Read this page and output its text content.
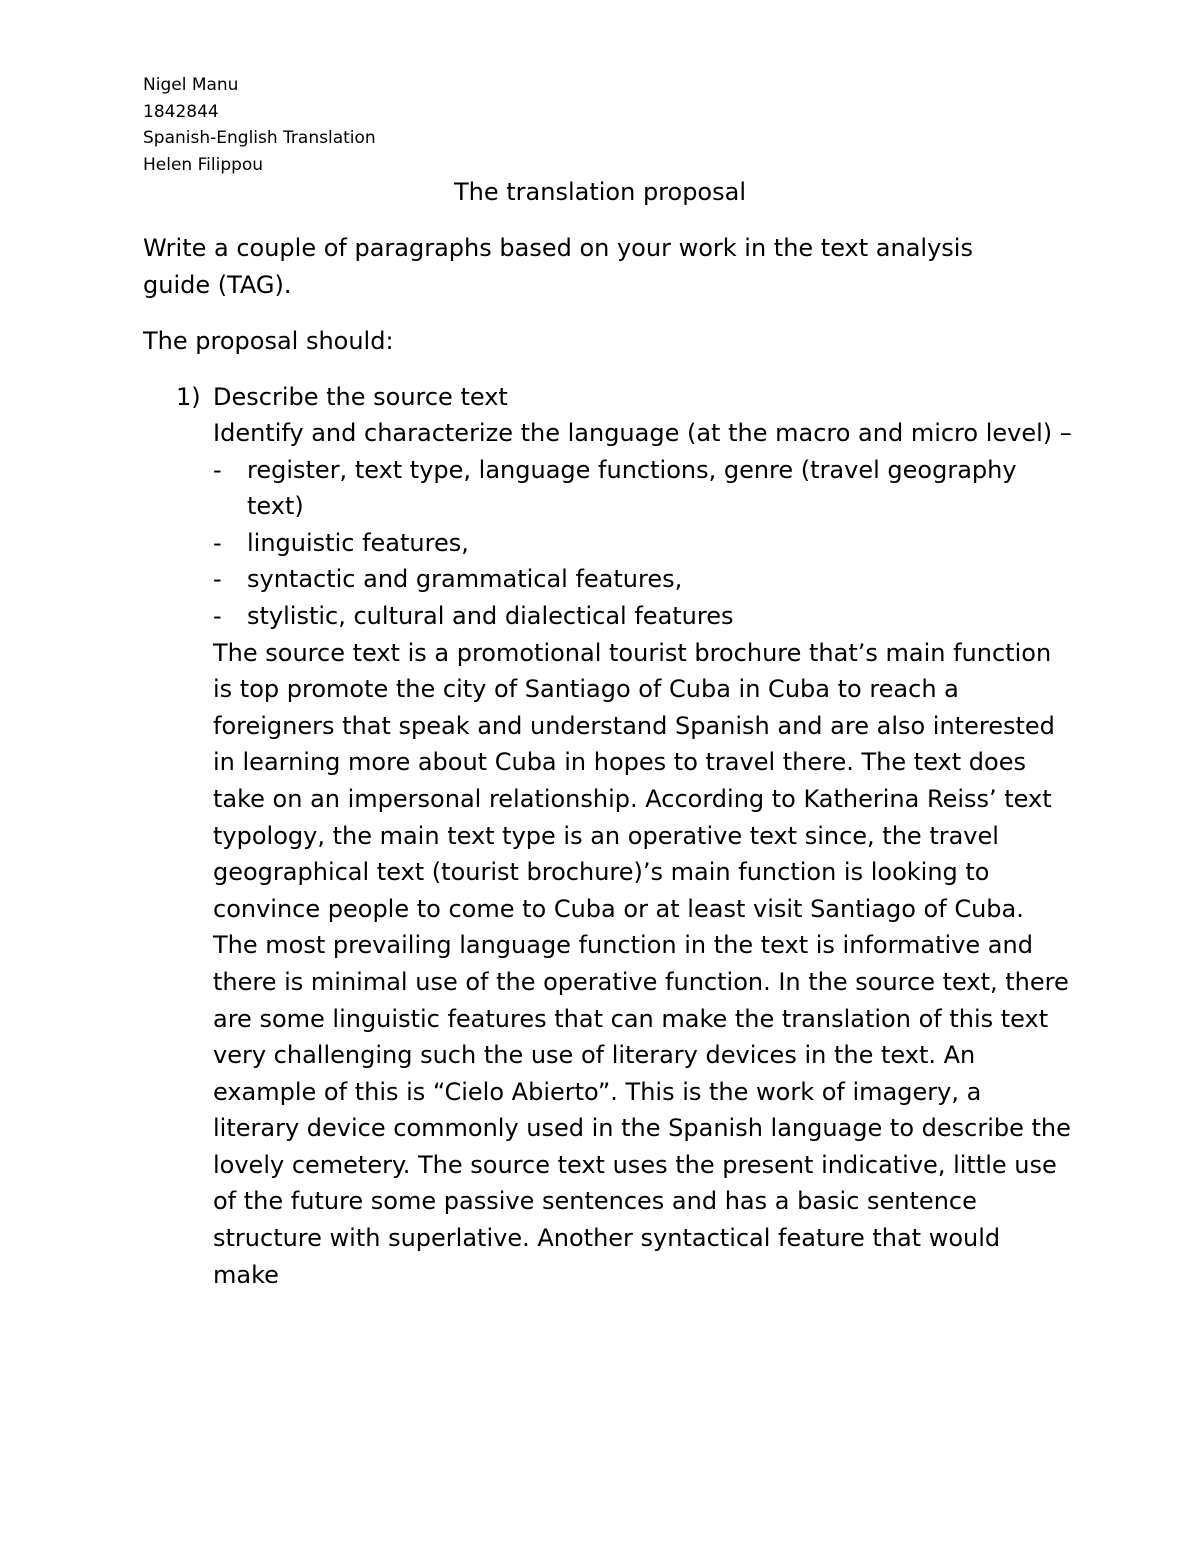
Nigel Manu
1842844
Spanish-English Translation
Helen Filippou
The translation proposal
Write a couple of paragraphs based on your work in the text analysis guide (TAG).
The proposal should:
1) Describe the source text
Identify and characterize the language (at the macro and micro level) –
- register, text type, language functions, genre (travel geography text)
- linguistic features,
- syntactic and grammatical features,
- stylistic, cultural and dialectical features
The source text is a promotional tourist brochure that’s main function is top promote the city of Santiago of Cuba in Cuba to reach a foreigners that speak and understand Spanish and are also interested in learning more about Cuba in hopes to travel there. The text does take on an impersonal relationship. According to Katherina Reiss’ text typology, the main text type is an operative text since, the travel geographical text (tourist brochure)’s main function is looking to convince people to come to Cuba or at least visit Santiago of Cuba. The most prevailing language function in the text is informative and there is minimal use of the operative function. In the source text, there are some linguistic features that can make the translation of this text very challenging such the use of literary devices in the text. An example of this is “Cielo Abierto”. This is the work of imagery, a literary device commonly used in the Spanish language to describe the lovely cemetery. The source text uses the present indicative, little use of the future some passive sentences and has a basic sentence structure with superlative. Another syntactical feature that would make
